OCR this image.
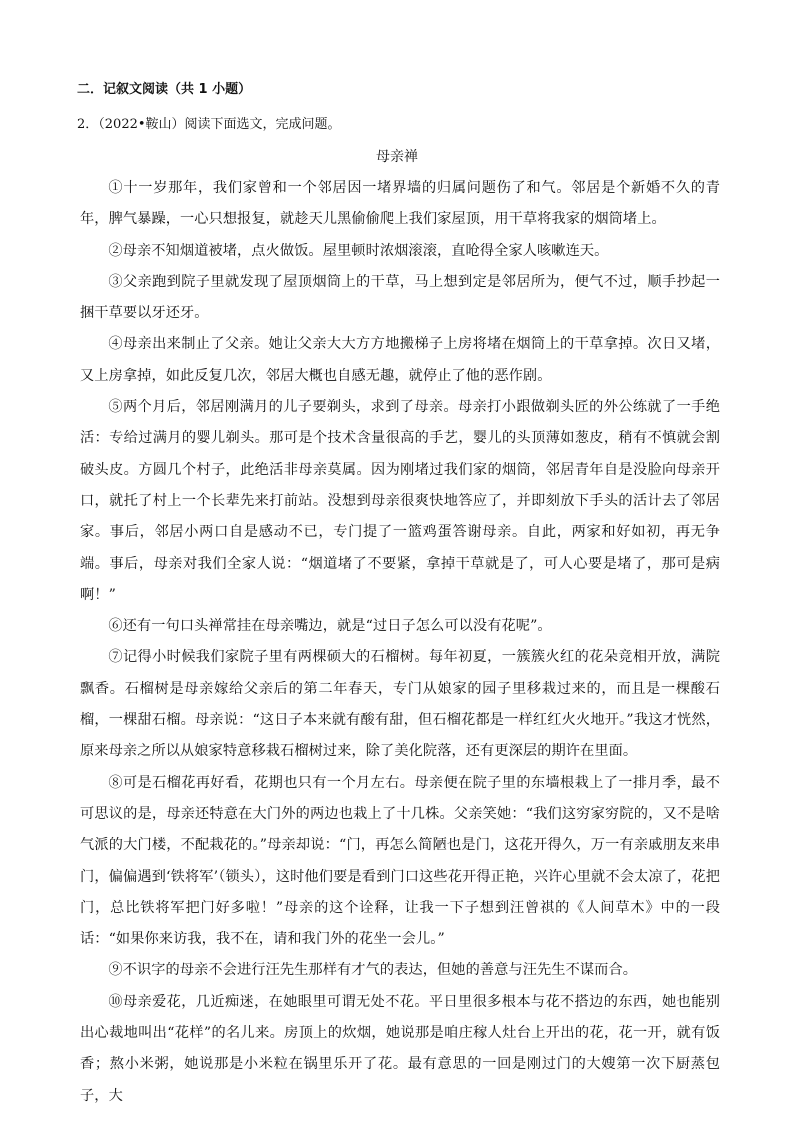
二．记叙文阅读（共 1 小题）
2．（2022•鞍山）阅读下面选文，完成问题。
母亲禅

①十一岁那年，我们家曾和一个邻居因一堵界墙的归属问题伤了和气。邻居是个新婚不久的青年，脾气暴躁，一心只想报复，就趁天儿黑偷偷爬上我们家屋顶，用干草将我家的烟筒堵上。

②母亲不知烟道被堵，点火做饭。屋里顿时浓烟滚滚，直呛得全家人咳嗽连天。

③父亲跑到院子里就发现了屋顶烟筒上的干草，马上想到定是邻居所为，便气不过，顺手抄起一捆干草要以牙还牙。

④母亲出来制止了父亲。她让父亲大大方方地搬梯子上房将堵在烟筒上的干草拿掉。次日又堵，又上房拿掉，如此反复几次，邻居大概也自感无趣，就停止了他的恶作剧。

⑤两个月后，邻居刚满月的儿子要剃头，求到了母亲。母亲打小跟做剃头匠的外公练就了一手绝活：专给过满月的婴儿剃头。那可是个技术含量很高的手艺，婴儿的头顶薄如葱皮，稍有不慎就会割破头皮。方圆几个村子，此绝活非母亲莫属。因为刚堵过我们家的烟筒，邻居青年自是没脸向母亲开口，就托了村上一个长辈先来打前站。没想到母亲很爽快地答应了，并即刻放下手头的活计去了邻居家。事后，邻居小两口自是感动不已，专门提了一篮鸡蛋答谢母亲。自此，两家和好如初，再无争端。事后，母亲对我们全家人说：“烟道堵了不要紧，拿掉干草就是了，可人心要是堵了，那可是病啊！”

⑥还有一句口头禅常挂在母亲嘴边，就是“过日子怎么可以没有花呢”。

⑦记得小时候我们家院子里有两棵硕大的石榴树。每年初夏，一簇簇火红的花朵竞相开放，满院飘香。石榴树是母亲嫁给父亲后的第二年春天，专门从娘家的园子里移栽过来的，而且是一棵酸石榴，一棵甜石榴。母亲说：“这日子本来就有酸有甜，但石榴花都是一样红红火火地开。”我这才恍然，原来母亲之所以从娘家特意移栽石榴树过来，除了美化院落，还有更深层的期许在里面。

⑧可是石榴花再好看，花期也只有一个月左右。母亲便在院子里的东墙根栽上了一排月季，最不可思议的是，母亲还特意在大门外的两边也栽上了十几株。父亲笑她：“我们这穷家穷院的，又不是啥气派的大门楼，不配栽花的。”母亲却说：“门，再怎么简陋也是门，这花开得久，万一有亲戚朋友来串门，偏偏遇到‘铁将军’（锁头），这时他们要是看到门口这些花开得正艳，兴许心里就不会太凉了，花把门，总比铁将军把门好多啦！”母亲的这个诠释，让我一下子想到汪曾祺的《人间草木》中的一段话：“如果你来访我，我不在，请和我门外的花坐一会儿。”

⑨不识字的母亲不会进行汪先生那样有才气的表达，但她的善意与汪先生不谋而合。

⑩母亲爱花，几近痴迷，在她眼里可谓无处不花。平日里很多根本与花不搭边的东西，她也能别出心裁地叫出“花样”的名儿来。房顶上的炊烟，她说那是咱庄稼人灶台上开出的花，花一开，就有饭香；熬小米粥，她说那是小米粒在锅里乐开了花。最有意思的一回是刚过门的大嫂第一次下厨蒸包子，大
